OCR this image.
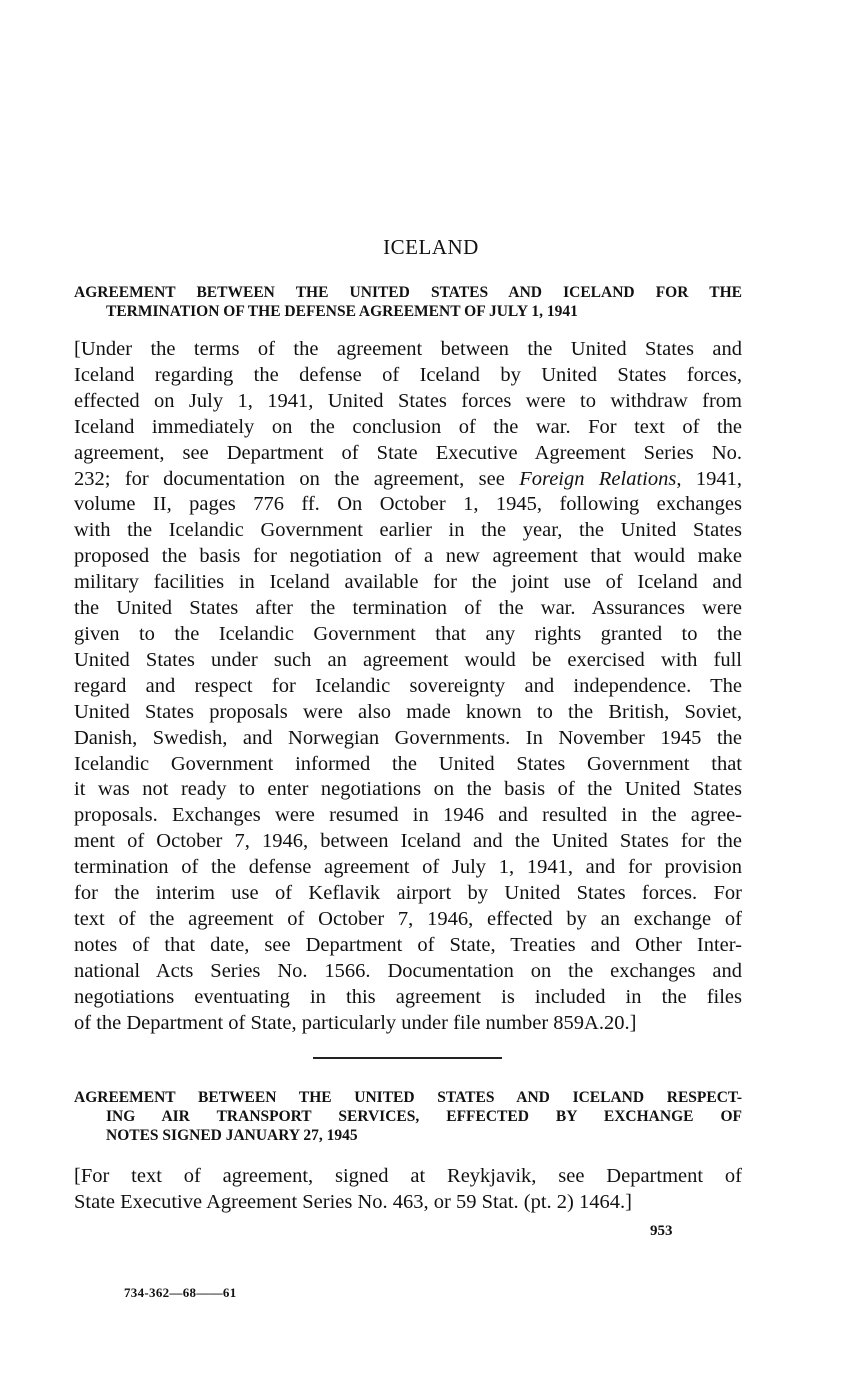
ICELAND
AGREEMENT BETWEEN THE UNITED STATES AND ICELAND FOR THE
TERMINATION OF THE DEFENSE AGREEMENT OF JULY 1, 1941
[Under the terms of the agreement between the United States and
Iceland regarding the defense of Iceland by United States forces,
effected on July 1, 1941, United States forces were to withdraw from
Iceland immediately on the conclusion of the war. For text of the
agreement, see Department of State Executive Agreement Series No.
232; for documentation on the agreement, see Foreign Relations, 1941,
volume II, pages 776 ff. On October 1, 1945, following exchanges
with the Icelandic Government earlier in the year, the United States
proposed the basis for negotiation of a new agreement that would make
military facilities in Iceland available for the joint use of Iceland and
the United States after the termination of the war. Assurances were
given to the Icelandic Government that any rights granted to the
United States under such an agreement would be exercised with full
regard and respect for Icelandic sovereignty and independence. The
United States proposals were also made known to the British, Soviet,
Danish, Swedish, and Norwegian Governments. In November 1945 the
Icelandic Government informed the United States Government that
it was not ready to enter negotiations on the basis of the United States
proposals. Exchanges were resumed in 1946 and resulted in the agree-
ment of October 7, 1946, between Iceland and the United States for the
termination of the defense agreement of July 1, 1941, and for provision
for the interim use of Keflavik airport by United States forces. For
text of the agreement of October 7, 1946, effected by an exchange of
notes of that date, see Department of State, Treaties and Other Inter-
national Acts Series No. 1566. Documentation on the exchanges and
negotiations eventuating in this agreement is included in the files
of the Department of State, particularly under file number 859A.20.]
AGREEMENT BETWEEN THE UNITED STATES AND ICELAND RESPECT-
ING AIR TRANSPORT SERVICES, EFFECTED BY EXCHANGE OF
NOTES SIGNED JANUARY 27, 1945
[For text of agreement, signed at Reykjavik, see Department of
State Executive Agreement Series No. 463, or 59 Stat. (pt. 2) 1464.]
953
734-362—68——61
